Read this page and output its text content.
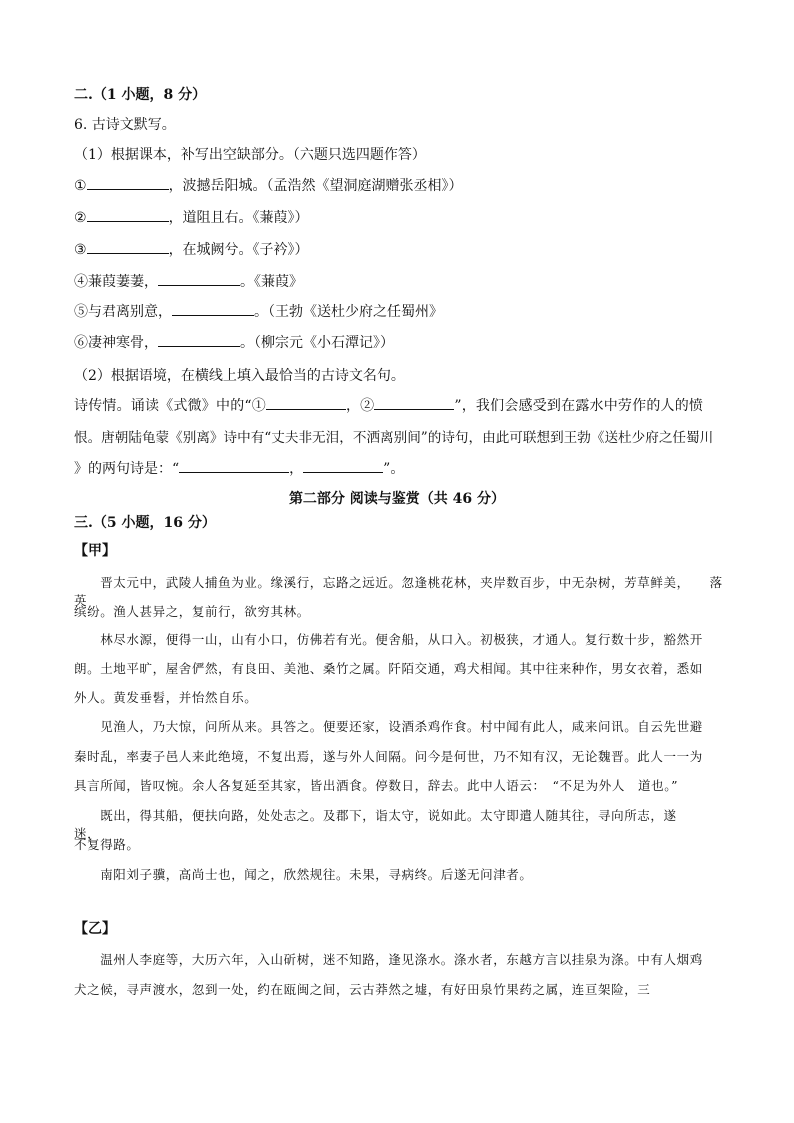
二.（1 小题，8 分）
6. 古诗文默写。
（1）根据课本，补写出空缺部分。（六题只选四题作答）
①	，波撼岳阳城。（孟浩然《望洞庭湖赠张丞相》）
②	，道阻且右。《蒹葭》）
③	，在城阙兮。《子衿》）
④蒹葭萋萋，	。《蒹葭》
⑤与君离别意，	。（王勃《送杜少府之任蜀州》
⑥凄神寒骨，	。（柳宗元《小石潭记》）
（2）根据语境，在横线上填入最恰当的古诗文名句。
诗传情。诵读《式微》中的“①	，②	”，我们会感受到在露水中劳作的人的愤
恨。唐朝陆龟蒙《别离》诗中有“丈夫非无泪，不洒离别间”的诗句，由此可联想到王勃《送杜少府之任蜀川
》的两句诗是：“	，	”。
第二部分 阅读与鉴赏（共 46 分）
三.（5 小题，16 分）
【甲】

　　晋太元中，武陵人捕鱼为业。缘溪行，忘路之远近。忽逢桃花林，夹岸数百步，中无杂树，芳草鲜美，　　落英

缤纷。渔人甚异之，复前行，欲穷其林。

　　林尽水源，便得一山，山有小口，仿佛若有光。便舍船，从口入。初极狭，才通人。复行数十步，豁然开

朗。土地平旷，屋舍俨然，有良田、美池、桑竹之属。阡陌交通，鸡犬相闻。其中往来种作，男女衣着，悉如

外人。黄发垂髫，并怡然自乐。

　　见渔人，乃大惊，问所从来。具答之。便要还家，设酒杀鸡作食。村中闻有此人，咸来问讯。自云先世避

秦时乱，率妻子邑人来此绝境，不复出焉，遂与外人间隔。问今是何世，乃不知有汉，无论魏晋。此人一一为

具言所闻，皆叹惋。余人各复延至其家，皆出酒食。停数日，辞去。此中人语云：　“不足为外人　道也。”

　　既出，得其船，便扶向路，处处志之。及郡下，诣太守，说如此。太守即遣人随其往，寻向所志，遂　　迷，

不复得路。

　　南阳刘子骥，高尚士也，闻之，欣然规往。未果，寻病终。后遂无问津者。

【乙】

　　温州人李庭等，大历六年，入山斫树，迷不知路，逢见涤水。涤水者，东越方言以挂泉为涤。中有人烟鸡

犬之候，寻声渡水，忽到一处，约在瓯闽之间，云古莽然之墟，有好田泉竹果药之属，连亘架险，三
